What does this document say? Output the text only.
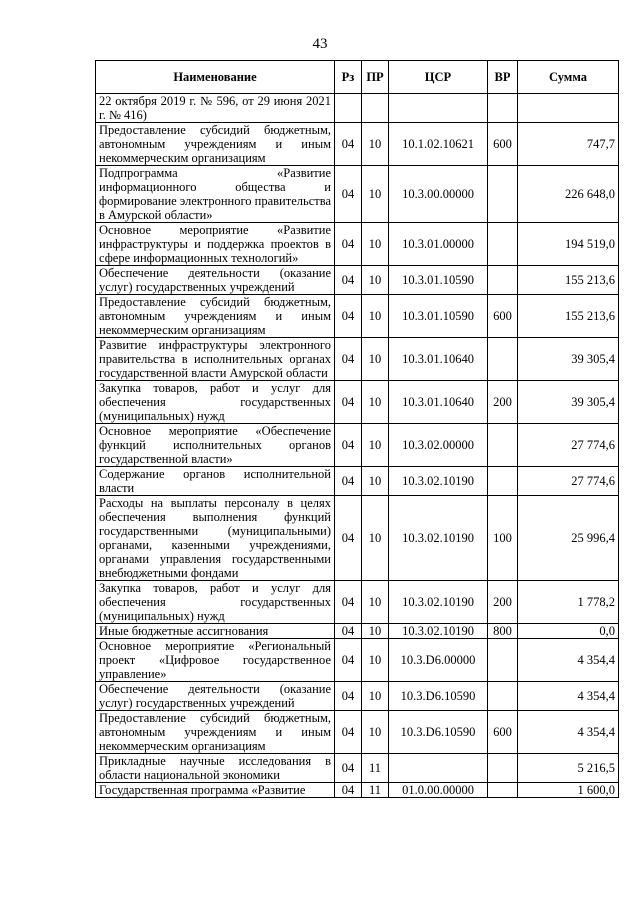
43
Наименование	Рз	ПР	ЦСР	ВР	Сумма
22 октября 2019 г. № 596, от 29 июня 2021 г. № 416)					
Предоставление субсидий бюджетным, автономным учреждениям и иным некоммерческим организациям	04	10	10.1.02.10621	600	747,7
Подпрограмма «Развитие информационного общества и формирование электронного правительства в Амурской области»	04	10	10.3.00.00000		226 648,0
Основное мероприятие «Развитие инфраструктуры и поддержка проектов в сфере информационных технологий»	04	10	10.3.01.00000		194 519,0
Обеспечение деятельности (оказание услуг) государственных учреждений	04	10	10.3.01.10590		155 213,6
Предоставление субсидий бюджетным, автономным учреждениям и иным некоммерческим организациям	04	10	10.3.01.10590	600	155 213,6
Развитие инфраструктуры электронного правительства в исполнительных органах государственной власти Амурской области	04	10	10.3.01.10640		39 305,4
Закупка товаров, работ и услуг для обеспечения государственных (муниципальных) нужд	04	10	10.3.01.10640	200	39 305,4
Основное мероприятие «Обеспечение функций исполнительных органов государственной власти»	04	10	10.3.02.00000		27 774,6
Содержание органов исполнительной власти	04	10	10.3.02.10190		27 774,6
Расходы на выплаты персоналу в целях обеспечения выполнения функций государственными (муниципальными) органами, казенными учреждениями, органами управления государственными внебюджетными фондами	04	10	10.3.02.10190	100	25 996,4
Закупка товаров, работ и услуг для обеспечения государственных (муниципальных) нужд	04	10	10.3.02.10190	200	1 778,2
Иные бюджетные ассигнования	04	10	10.3.02.10190	800	0,0
Основное мероприятие «Региональный проект «Цифровое государственное управление»	04	10	10.3.D6.00000		4 354,4
Обеспечение деятельности (оказание услуг) государственных учреждений	04	10	10.3.D6.10590		4 354,4
Предоставление субсидий бюджетным, автономным учреждениям и иным некоммерческим организациям	04	10	10.3.D6.10590	600	4 354,4
Прикладные научные исследования в области национальной экономики	04	11			5 216,5
Государственная программа «Развитие	04	11	01.0.00.00000		1 600,0
